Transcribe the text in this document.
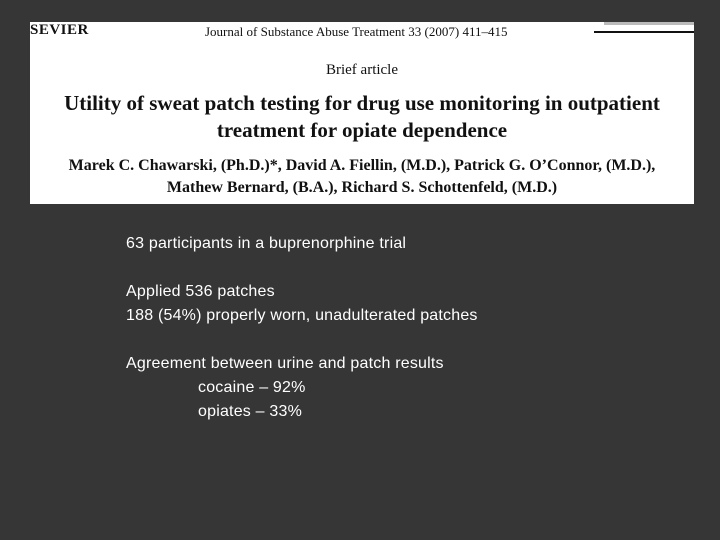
SEVIER	Journal of Substance Abuse Treatment 33 (2007) 411–415
Brief article
Utility of sweat patch testing for drug use monitoring in outpatient
treatment for opiate dependence
Marek C. Chawarski, (Ph.D.)*, David A. Fiellin, (M.D.), Patrick G. O’Connor, (M.D.),
Mathew Bernard, (B.A.), Richard S. Schottenfeld, (M.D.)

63 participants in a buprenorphine trial

Applied 536 patches

188 (54%) properly worn, unadulterated patches

Agreement between urine and patch results

cocaine – 92%

opiates – 33%
